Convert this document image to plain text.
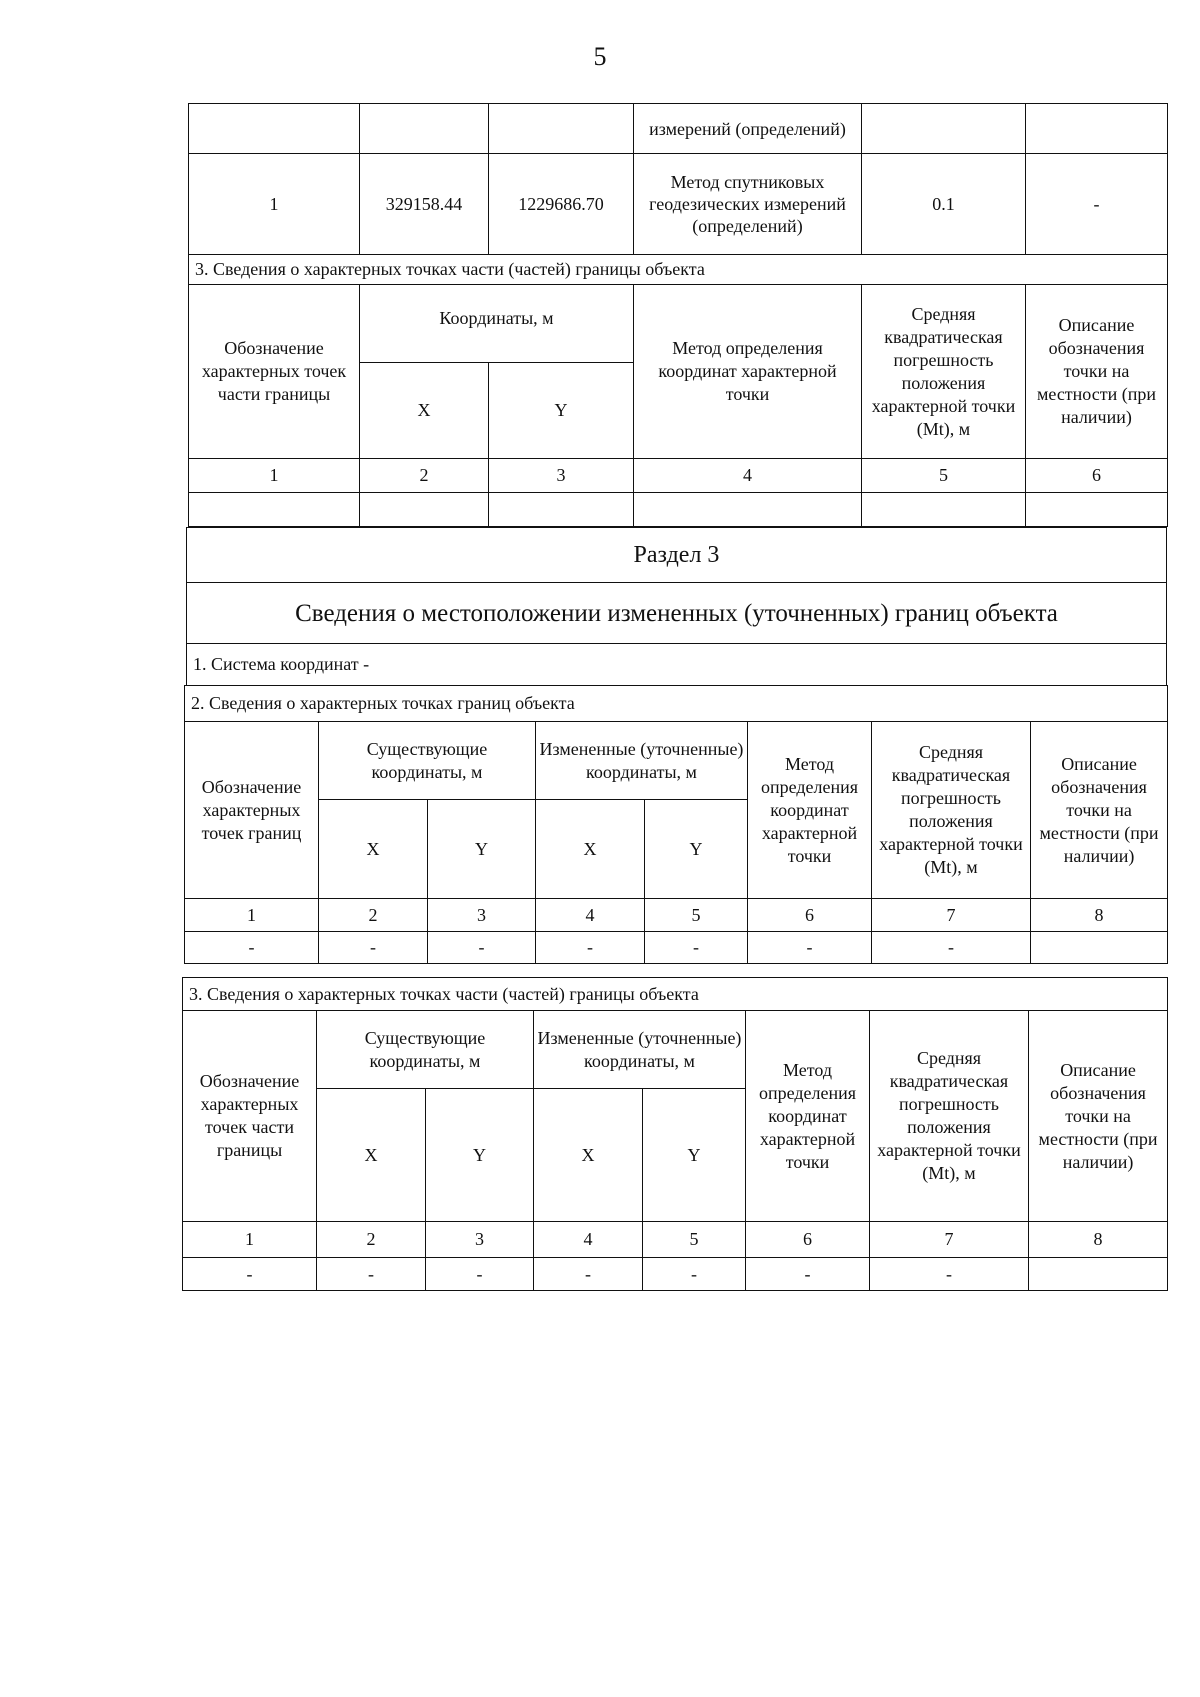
5
			измерений (определений)		
1	329158.44	1229686.70	Метод спутниковых геодезических измерений (определений)	0.1	-
3. Сведения о характерных точках части (частей) границы объекта					
Обозначение характерных точек части границы	Координаты, м		Метод определения координат характерной точки	Средняя квадратическая погрешность положения характерной точки (Mt), м	Описание обозначения точки на местности (при наличии)
	X	Y			
1	2	3	4	5	6

Раздел 3
Сведения о местоположении измененных (уточненных) границ объекта
1. Система координат -
2. Сведения о характерных точках границ объекта							
Обозначение характерных точек границ	Существующие координаты, м		Измененные (уточненные) координаты, м		Метод определения координат характерной точки	Средняя квадратическая погрешность положения характерной точки (Mt), м	Описание обозначения точки на местности (при наличии)
	X	Y	X	Y			
1	2	3	4	5	6	7	8
-	-	-	-	-	-	-	
3. Сведения о характерных точках части (частей) границы объекта							
Обозначение характерных точек части границы	Существующие координаты, м		Измененные (уточненные) координаты, м		Метод определения координат характерной точки	Средняя квадратическая погрешность положения характерной точки (Mt), м	Описание обозначения точки на местности (при наличии)
	X	Y	X	Y			
1	2	3	4	5	6	7	8
-	-	-	-	-	-	-	
